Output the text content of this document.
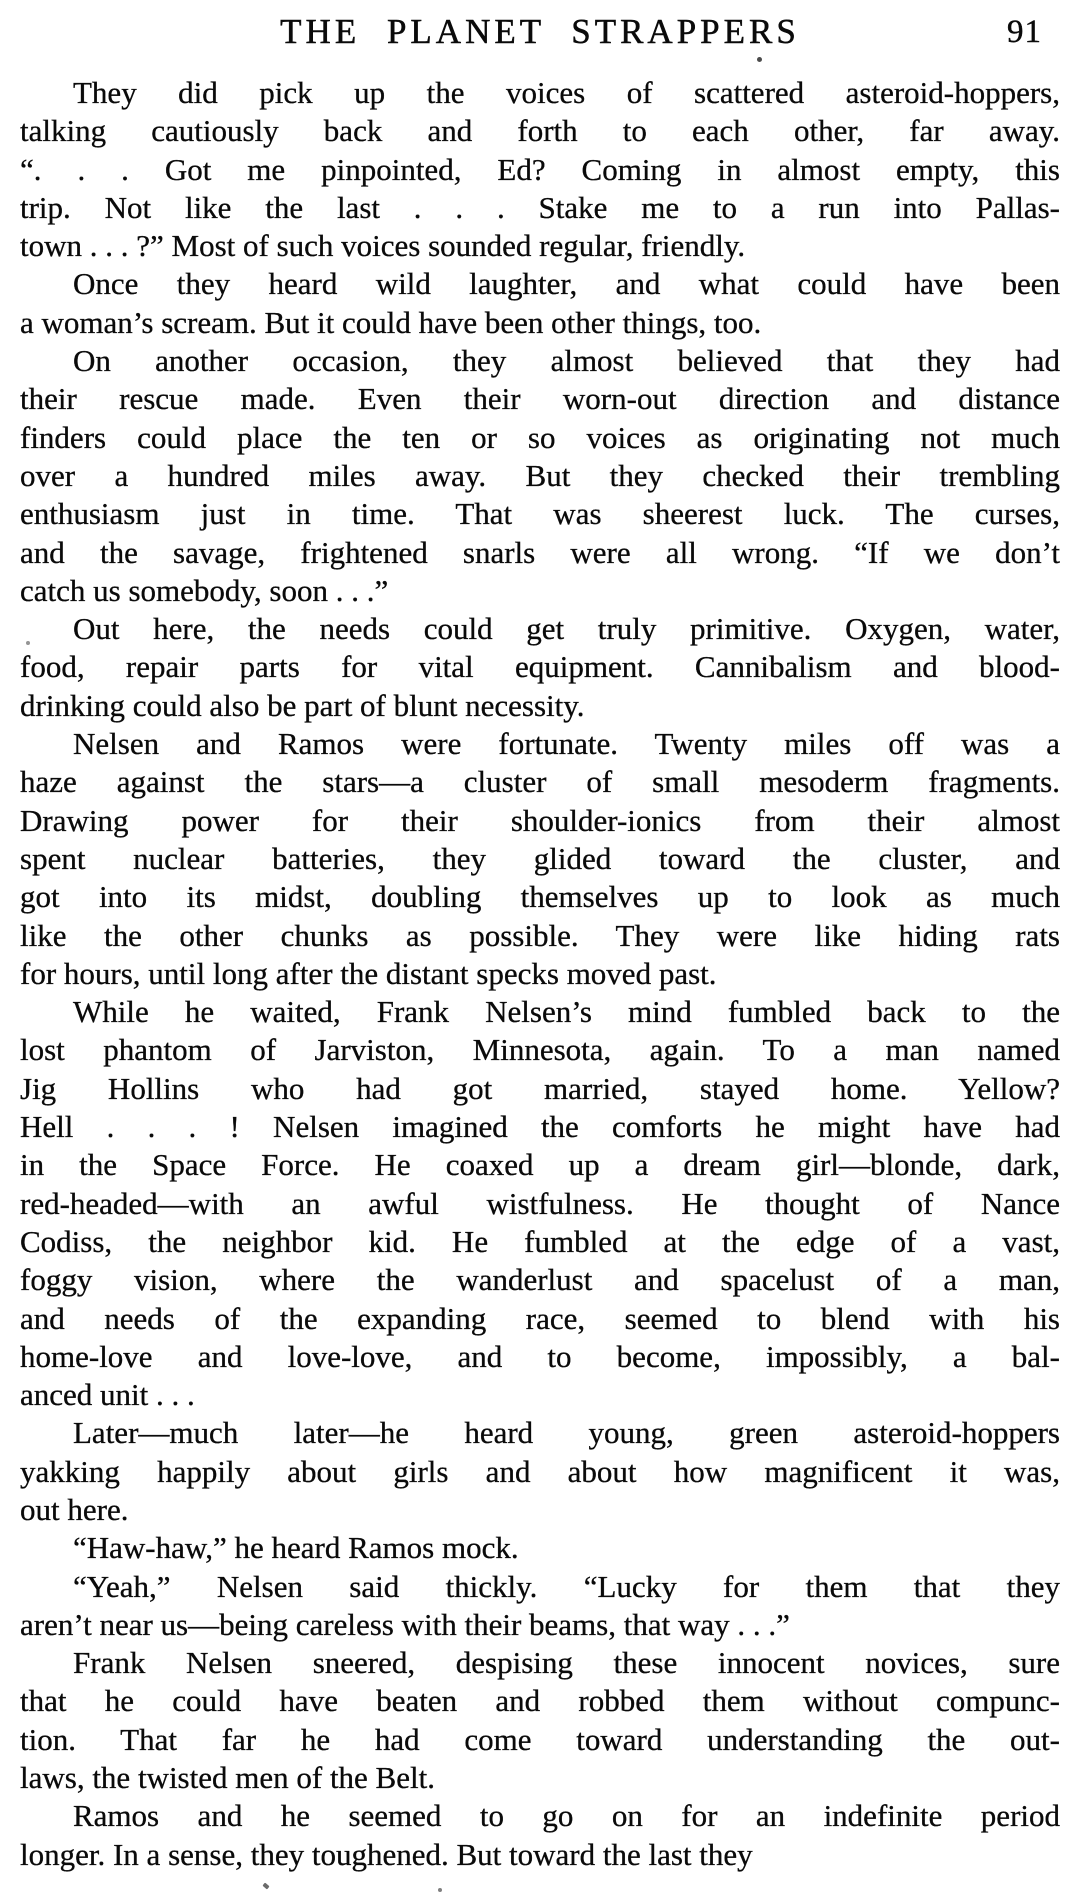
THE PLANET STRAPPERS	91
They did pick up the voices of scattered asteroid-hoppers,
talking cautiously back and forth to each other, far away.
“. . . Got me pinpointed, Ed? Coming in almost empty, this
trip. Not like the last . . . Stake me to a run into Pallas-
town . . . ?” Most of such voices sounded regular, friendly.
Once they heard wild laughter, and what could have been
a woman’s scream. But it could have been other things, too.
On another occasion, they almost believed that they had
their rescue made. Even their worn-out direction and distance
finders could place the ten or so voices as originating not much
over a hundred miles away. But they checked their trembling
enthusiasm just in time. That was sheerest luck. The curses,
and the savage, frightened snarls were all wrong. “If we don’t
catch us somebody, soon . . .”
Out here, the needs could get truly primitive. Oxygen, water,
food, repair parts for vital equipment. Cannibalism and blood-
drinking could also be part of blunt necessity.
Nelsen and Ramos were fortunate. Twenty miles off was a
haze against the stars—a cluster of small mesoderm fragments.
Drawing power for their shoulder-ionics from their almost
spent nuclear batteries, they glided toward the cluster, and
got into its midst, doubling themselves up to look as much
like the other chunks as possible. They were like hiding rats
for hours, until long after the distant specks moved past.
While he waited, Frank Nelsen’s mind fumbled back to the
lost phantom of Jarviston, Minnesota, again. To a man named
Jig Hollins who had got married, stayed home. Yellow?
Hell . . . ! Nelsen imagined the comforts he might have had
in the Space Force. He coaxed up a dream girl—blonde, dark,
red-headed—with an awful wistfulness. He thought of Nance
Codiss, the neighbor kid. He fumbled at the edge of a vast,
foggy vision, where the wanderlust and spacelust of a man,
and needs of the expanding race, seemed to blend with his
home-love and love-love, and to become, impossibly, a bal-
anced unit . . .
Later—much later—he heard young, green asteroid-hoppers
yakking happily about girls and about how magnificent it was,
out here.
“Haw-haw,” he heard Ramos mock.
“Yeah,” Nelsen said thickly. “Lucky for them that they
aren’t near us—being careless with their beams, that way . . .”
Frank Nelsen sneered, despising these innocent novices, sure
that he could have beaten and robbed them without compunc-
tion. That far he had come toward understanding the out-
laws, the twisted men of the Belt.
Ramos and he seemed to go on for an indefinite period
longer. In a sense, they toughened. But toward the last they
